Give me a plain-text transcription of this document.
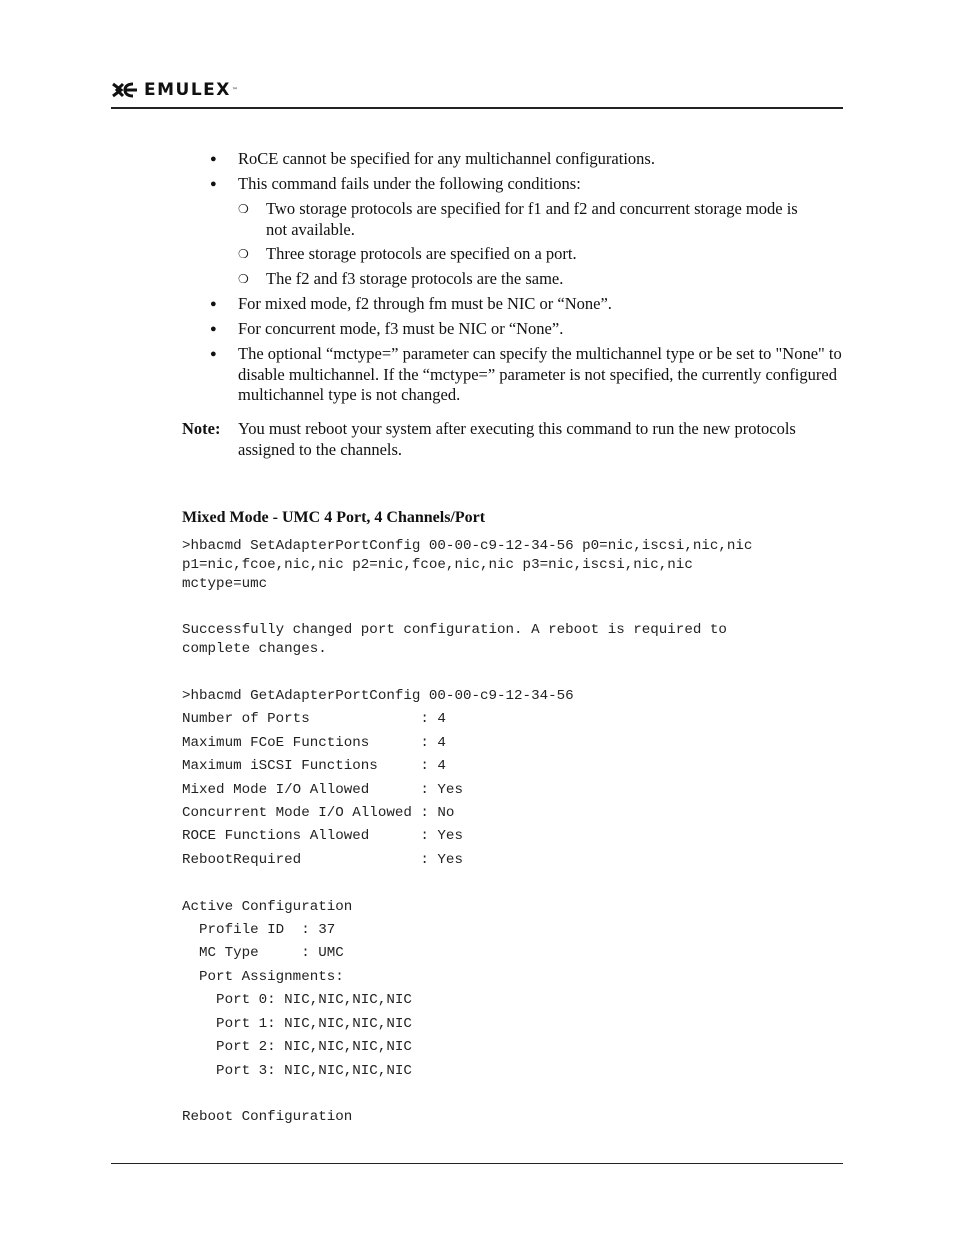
EMULEX ™
●	RoCE cannot be specified for any multichannel configurations.
●	This command fails under the following conditions:
❍ Two storage protocols are specified for f1 and f2 and concurrent storage mode is not available.
❍ Three storage protocols are specified on a port.
❍ The f2 and f3 storage protocols are the same.
●	For mixed mode, f2 through fm must be NIC or “None”.
●	For concurrent mode, f3 must be NIC or “None”.
●	The optional “mctype=” parameter can specify the multichannel type or be set to "None" to disable multichannel. If the “mctype=” parameter is not specified, the currently configured multichannel type is not changed.
Note: You must reboot your system after executing this command to run the new protocols assigned to the channels.
Mixed Mode - UMC 4 Port, 4 Channels/Port
>hbacmd SetAdapterPortConfig 00-00-c9-12-34-56 p0=nic,iscsi,nic,nic
p1=nic,fcoe,nic,nic p2=nic,fcoe,nic,nic p3=nic,iscsi,nic,nic
mctype=umc
Successfully changed port configuration. A reboot is required to
complete changes.
>hbacmd GetAdapterPortConfig 00-00-c9-12-34-56
Number of Ports             : 4
Maximum FCoE Functions      : 4
Maximum iSCSI Functions     : 4
Mixed Mode I/O Allowed      : Yes
Concurrent Mode I/O Allowed : No
ROCE Functions Allowed      : Yes
RebootRequired              : Yes

Active Configuration
Profile ID  : 37
MC Type     : UMC
Port Assignments:
Port 0: NIC,NIC,NIC,NIC
Port 1: NIC,NIC,NIC,NIC
Port 2: NIC,NIC,NIC,NIC
Port 3: NIC,NIC,NIC,NIC

Reboot Configuration
